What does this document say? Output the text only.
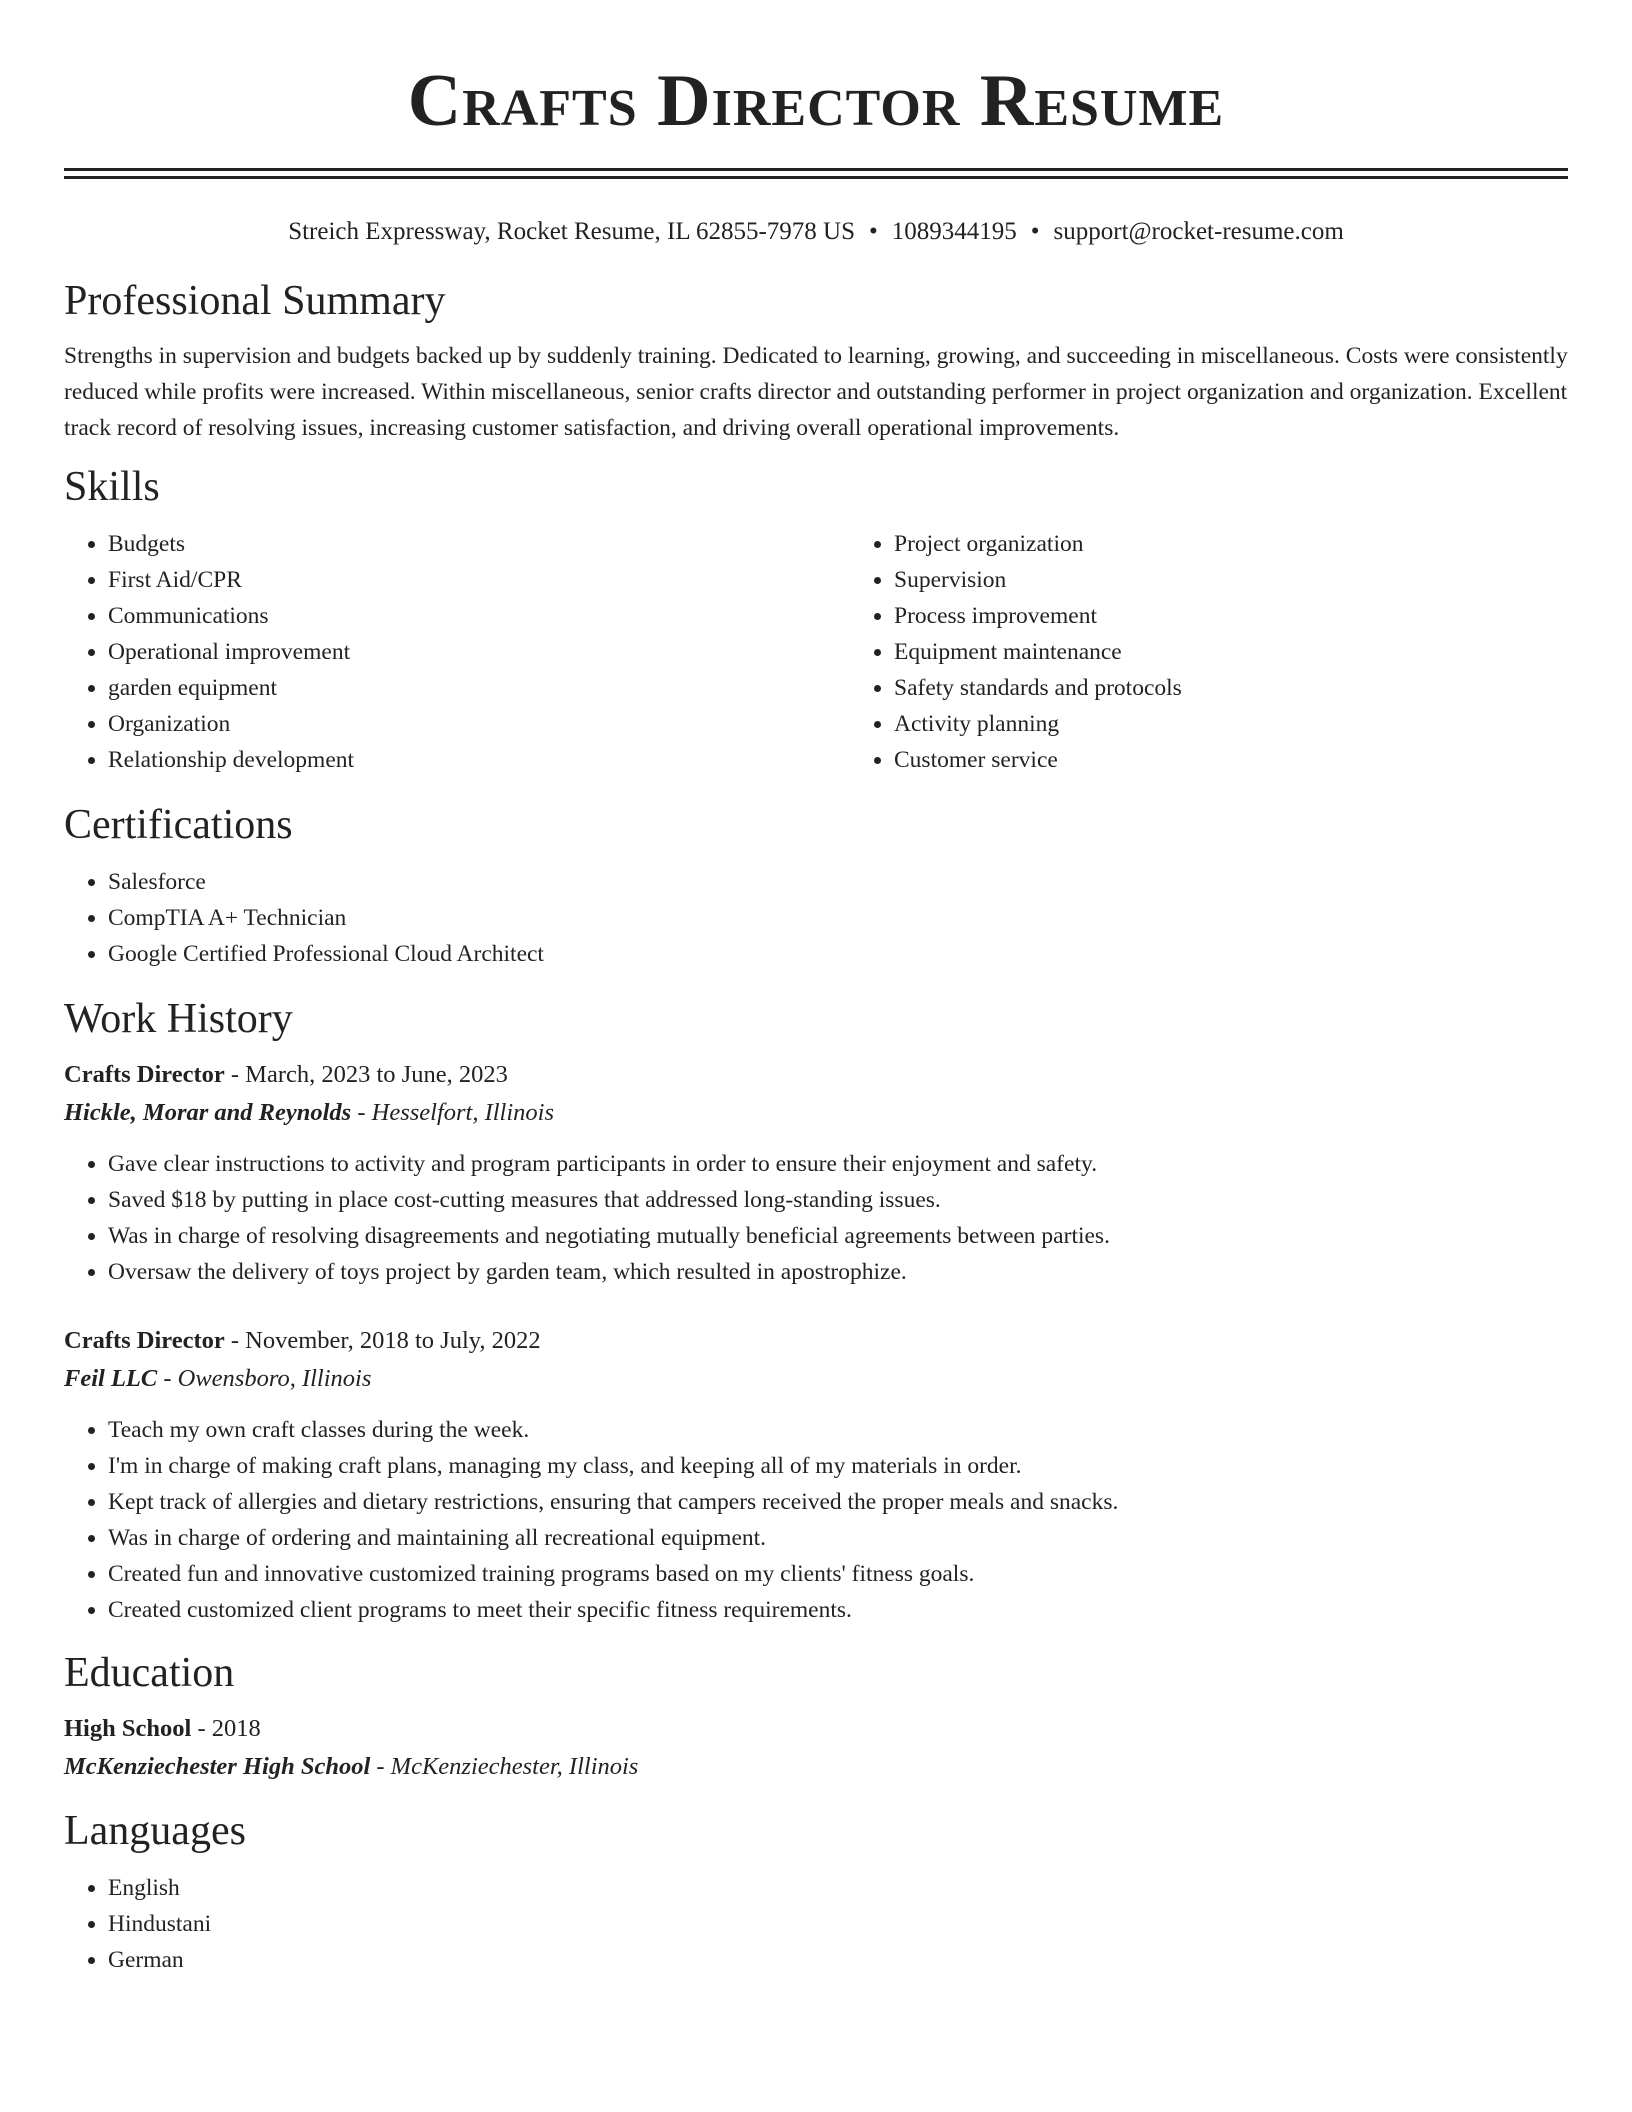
Crafts Director Resume
Streich Expressway, Rocket Resume, IL 62855-7978 US • 1089344195 • support@rocket-resume.com
Professional Summary

Strengths in supervision and budgets backed up by suddenly training. Dedicated to learning, growing, and succeeding in miscellaneous. Costs were consistently reduced while profits were increased. Within miscellaneous, senior crafts director and outstanding performer in project organization and organization. Excellent track record of resolving issues, increasing customer satisfaction, and driving overall operational improvements.

Skills
• Budgets
• First Aid/CPR
• Communications
• Operational improvement
• garden equipment
• Organization
• Relationship development
• Project organization
• Supervision
• Process improvement
• Equipment maintenance
• Safety standards and protocols
• Activity planning
• Customer service
Certifications
• Salesforce
• CompTIA A+ Technician
• Google Certified Professional Cloud Architect
Work History

Crafts Director - March, 2023 to June, 2023

Hickle, Morar and Reynolds - Hesselfort, Illinois

• Gave clear instructions to activity and program participants in order to ensure their enjoyment and safety.
• Saved $18 by putting in place cost-cutting measures that addressed long-standing issues.
• Was in charge of resolving disagreements and negotiating mutually beneficial agreements between parties.
• Oversaw the delivery of toys project by garden team, which resulted in apostrophize.

Crafts Director - November, 2018 to July, 2022

Feil LLC - Owensboro, Illinois

• Teach my own craft classes during the week.
• I'm in charge of making craft plans, managing my class, and keeping all of my materials in order.
• Kept track of allergies and dietary restrictions, ensuring that campers received the proper meals and snacks.
• Was in charge of ordering and maintaining all recreational equipment.
• Created fun and innovative customized training programs based on my clients' fitness goals.
• Created customized client programs to meet their specific fitness requirements.
Education

High School - 2018

McKenziechester High School - McKenziechester, Illinois

Languages
• English
• Hindustani
• German
